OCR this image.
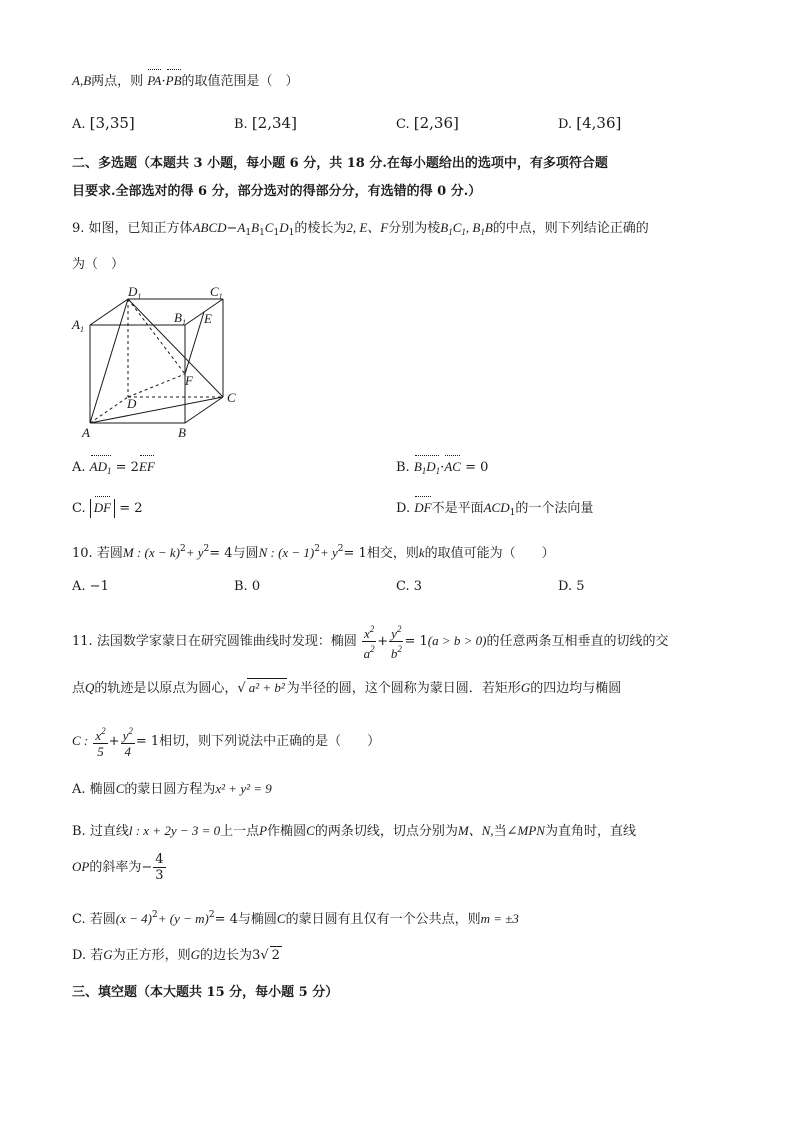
A,B两点，则 PA·PB的取值范围是（　）
A. [3,35]	B. [2,34]	C. [2,36]	D. [4,36]
二、多选题（本题共 3 小题，每小题 6 分，共 18 分.在每小题给出的选项中，有多项符合题
目要求.全部选对的得 6 分，部分选对的得部分分，有选错的得 0 分.）
9. 如图，已知正方体$ABCD-A_1B_1C_1D_1$的棱长为2, E、F分别为棱$B_1C_1$, $B_1B$的中点，则下列结论正确的
为（　）
$D_1$	$C_1$
$A_1$
$B_1$ E
F
D	C
A	B
A. $AD_1 = 2EF$	B. $B_1D_1\cdot AC = 0$
C. DF = 2	D. DF不是平面$ACD_1$的一个法向量
10. 若圆M : $(x - k)^2+ y^2= 4$与圆N : $(x - 1)^2+ y^2= 1$相交，则k的取值可能为（　　）
A. −1	B. 0	C. 3	D. 5
11. 法国数学家蒙日在研究圆锥曲线时发现：椭圆 $\frac{x^2}{a^2} + \frac{y^2}{b^2} = 1(a > b > 0)$的任意两条互相垂直的切线的交
点Q的轨迹是以原点为圆心，√ a² + b² 为半径的圆，这个圆称为蒙日圆．若矩形G的四边均与椭圆
C : $\frac{x^2}{5} + \frac{y^2}{4} = 1$相切，则下列说法中正确的是（　　）
A. 椭圆C的蒙日圆方程为x² + y² = 9
B. 过直线l : x + 2y − 3 = 0上一点P作椭圆C的两条切线，切点分别为M、N,当∠MPN为直角时，直线
OP的斜率为− $\frac{4}{3}$
C. 若圆$(x - 4)^2+ (y - m)^2= 4$与椭圆C的蒙日圆有且仅有一个公共点，则m = ±3
D. 若G为正方形，则G的边长为3√ 2
三、填空题（本大题共 15 分，每小题 5 分）
